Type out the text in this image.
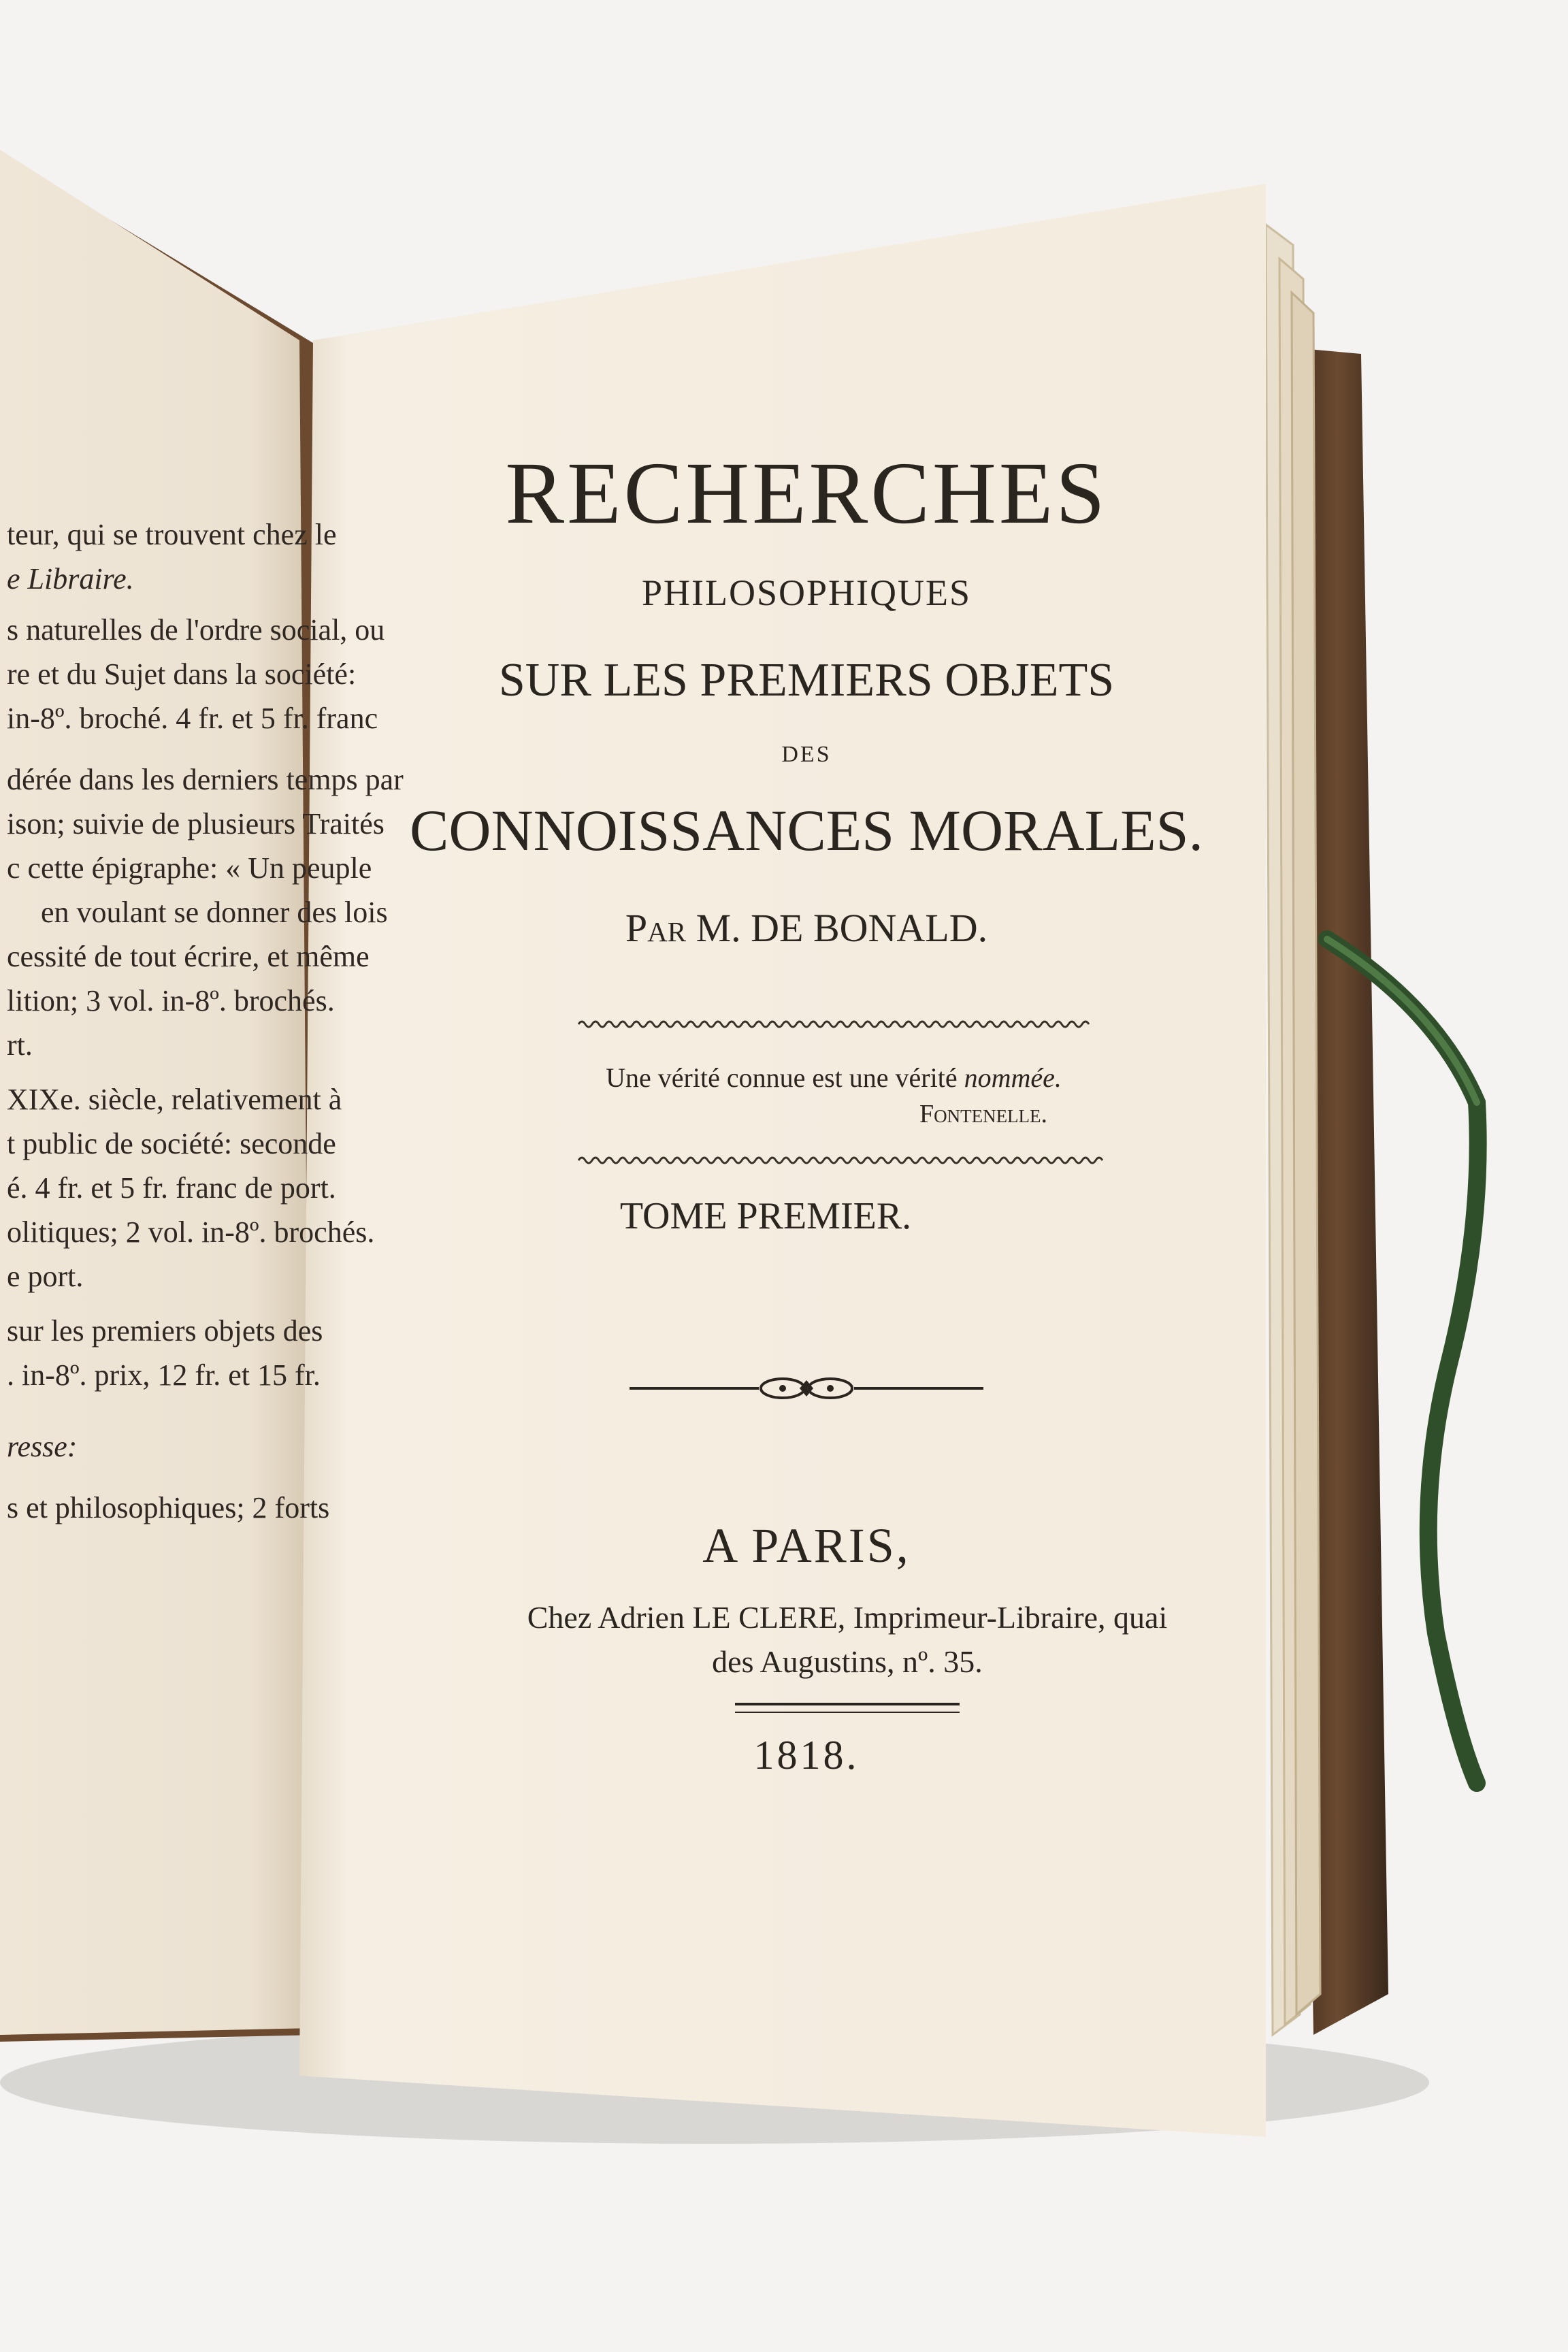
teur, qui se trouvent chez le

e Libraire.

s naturelles de l'ordre social, ou

re et du Sujet dans la société:

in-8º. broché. 4 fr. et 5 fr. franc

dérée dans les derniers temps par

ison; suivie de plusieurs Traités

c cette épigraphe: « Un peuple

en voulant se donner des lois

cessité de tout écrire, et même

lition; 3 vol. in-8º. brochés.

rt.

XIXe. siècle, relativement à

t public de société: seconde

é. 4 fr. et 5 fr. franc de port.

olitiques; 2 vol. in-8º. brochés.

e port.

sur les premiers objets des

. in-8º. prix, 12 fr. et 15 fr.

resse:

s et philosophiques; 2 forts

RECHERCHES

PHILOSOPHIQUES

SUR LES PREMIERS OBJETS

DES

CONNOISSANCES MORALES.

Par M. DE BONALD.

Une vérité connue est une vérité nommée.

Fontenelle.

TOME PREMIER.

A PARIS,

Chez Adrien LE CLERE, Imprimeur-Libraire, quai

des Augustins, nº. 35.

1818.
